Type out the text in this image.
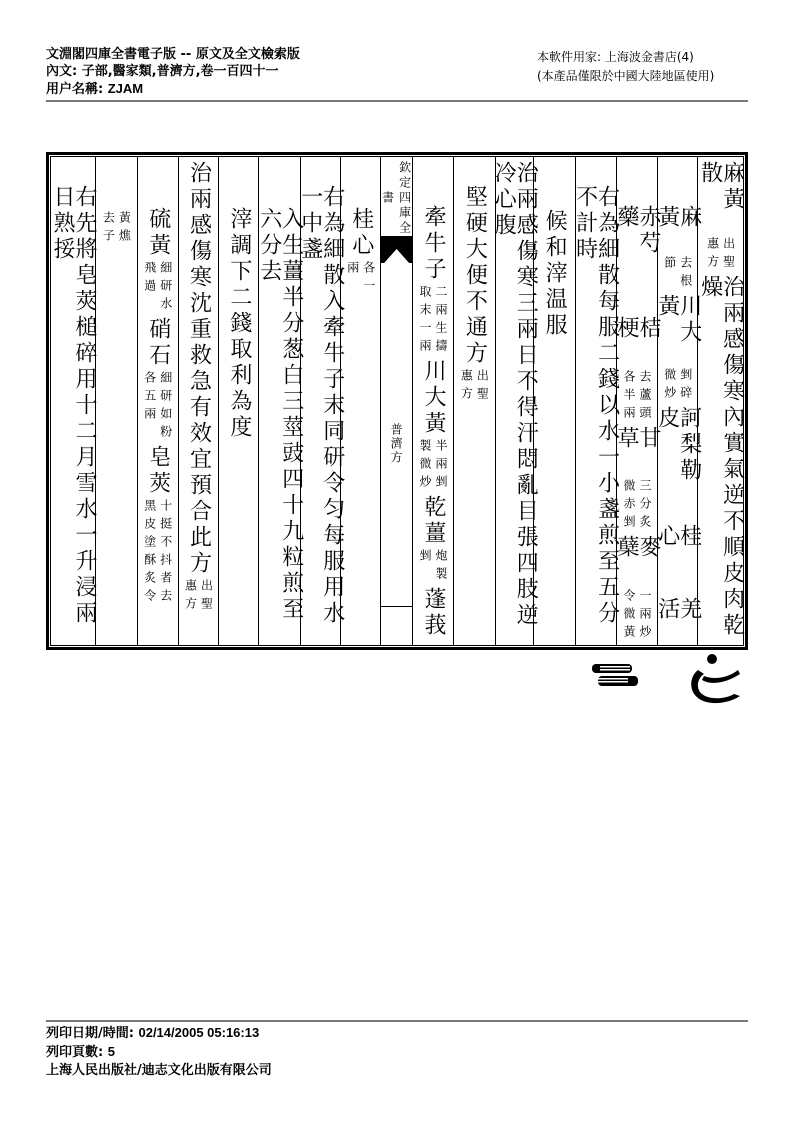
文淵閣四庫全書電子版 -- 原文及全文檢索版
內文: 子部,醫家類,普濟方,卷一百四十一
用户名稱: ZJAM
本軟件用家: 上海波金書店(4)
(本產品僅限於中國大陸地區使用)
麻黃散
出聖
惠方
治兩感傷寒內實氣逆不順皮肉乾燥
麻黃
去根
節
川大黃
剉碎
微炒
訶梨勒皮
桂心
羌活
赤芍藥
桔梗
去蘆頭
各半兩
甘草
三分炙
微赤剉
麥蘖
一兩炒
令微黃
右為細散每服二錢以水一小盞煎至五分不計時
候和滓温服
治兩感傷寒三兩日不得汗悶亂目張四肢逆冷心腹
堅硬大便不通方
出聖
惠方
牽牛子
二兩生擣
取末一兩
川大黃
半兩剉
製微炒
乾薑
炮製
剉
蓬莪
欽定四庫全書
普濟方
桂心
各一
兩
右為細散入牽牛子末同研令匀每服用水一中盞
入生薑半分葱白三莖豉四十九粒煎至六分去
滓調下二錢取利為度
治兩感傷寒沈重救急有效宜預合此方
出聖
惠方
硫黃
細研水
飛過
硝石
細研如粉
各五兩
皂莢
十挺不抖者去
黑皮塗酥炙令
黃燋
去子
右先將皂莢槌碎用十二月雪水一升浸兩日熟挼
列印日期/時間: 02/14/2005 05:16:13
列印頁數: 5
上海人民出版社/迪志文化出版有限公司
